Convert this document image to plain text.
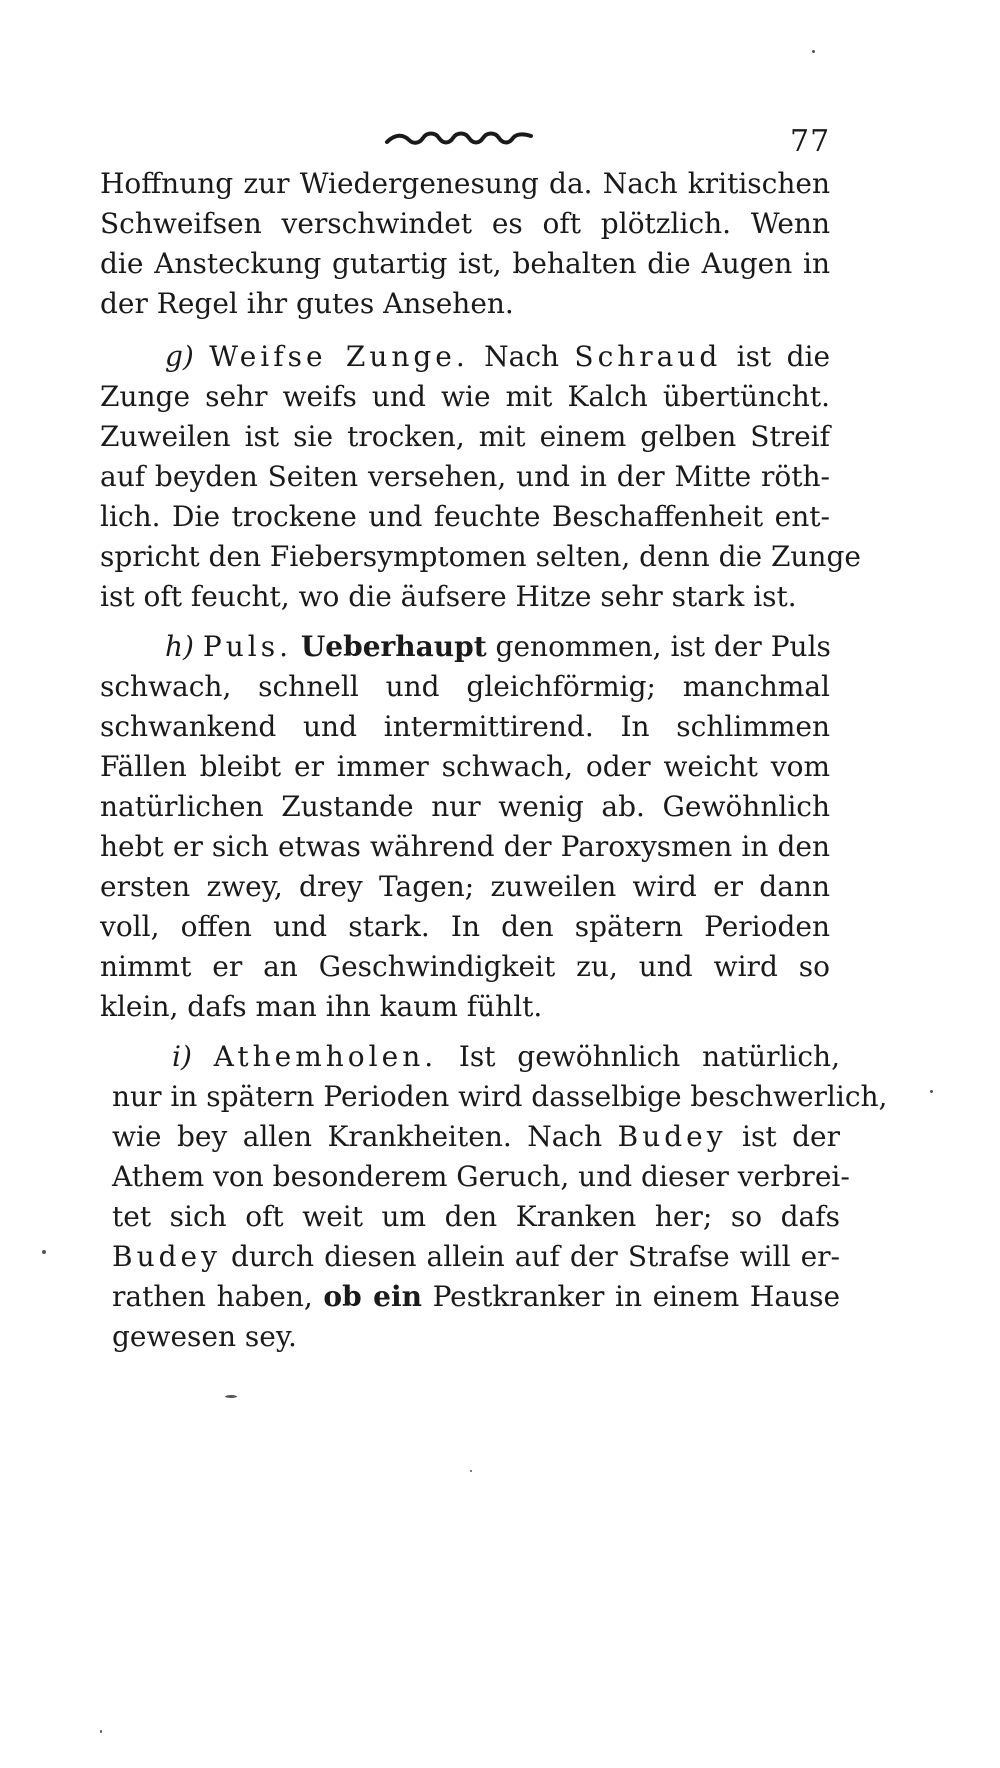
77
Hoffnung zur Wiedergenesung da. Nach kritischen
Schweifsen verschwindet es oft plötzlich. Wenn
die Ansteckung gutartig ist, behalten die Augen in
der Regel ihr gutes Ansehen.
g) Weifse Zunge. Nach Schraud ist die
Zunge sehr weifs und wie mit Kalch übertüncht.
Zuweilen ist sie trocken, mit einem gelben Streif
auf beyden Seiten versehen, und in der Mitte röth-
lich. Die trockene und feuchte Beschaffenheit ent-
spricht den Fiebersymptomen selten, denn die Zunge
ist oft feucht, wo die äufsere Hitze sehr stark ist.
h) Puls. Ueberhaupt genommen, ist der Puls
schwach, schnell und gleichförmig; manchmal
schwankend und intermittirend. In schlimmen
Fällen bleibt er immer schwach, oder weicht vom
natürlichen Zustande nur wenig ab. Gewöhnlich
hebt er sich etwas während der Paroxysmen in den
ersten zwey, drey Tagen; zuweilen wird er dann
voll, offen und stark. In den spätern Perioden
nimmt er an Geschwindigkeit zu, und wird so
klein, dafs man ihn kaum fühlt.
i) Athemholen. Ist gewöhnlich natürlich,
nur in spätern Perioden wird dasselbige beschwerlich,
wie bey allen Krankheiten. Nach Budey ist der
Athem von besonderem Geruch, und dieser verbrei-
tet sich oft weit um den Kranken her; so dafs
Budey durch diesen allein auf der Strafse will er-
rathen haben, ob ein Pestkranker in einem Hause
gewesen sey.
